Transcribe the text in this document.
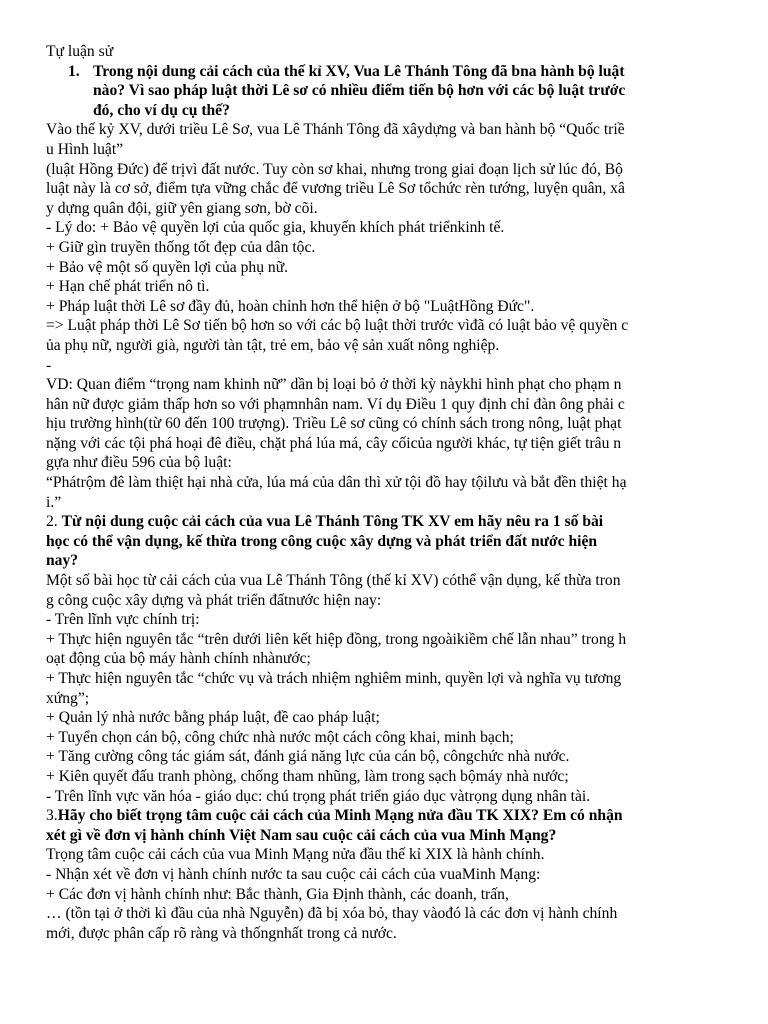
Tự luận sử
1. Trong nội dung cải cách của thế kỉ XV, Vua Lê Thánh Tông đã bna hành bộ luật
nào? Vì sao pháp luật thời Lê sơ có nhiều điểm tiến bộ hơn với các bộ luật trước
đó, cho ví dụ cụ thế?
Vào thế kỷ XV, dưới triều Lê Sơ, vua Lê Thánh Tông đã xâydựng và ban hành bộ “Quốc triề
u Hình luật”
(luật Hồng Đức) để trịvì đất nước. Tuy còn sơ khai, nhưng trong giai đoạn lịch sử lúc đó, Bộ
luật này là cơ sở, điểm tựa vững chắc để vương triều Lê Sơ tổchức rèn tướng, luyện quân, xâ
y dựng quân đội, giữ yên giang sơn, bờ cõi.
- Lý do: + Bảo vệ quyền lợi của quốc gia, khuyến khích phát triểnkinh tế.
+ Giữ gìn truyền thống tốt đẹp của dân tộc.
+ Bảo vệ một số quyền lợi của phụ nữ.
+ Hạn chế phát triển nô tì.
+ Pháp luật thời Lê sơ đầy đủ, hoàn chỉnh hơn thể hiện ở bộ "LuậtHồng Đức".
=> Luật pháp thời Lê Sơ tiến bộ hơn so với các bộ luật thời trước vìđã có luật bảo vệ quyền c
ủa phụ nữ, người già, người tàn tật, trẻ em, bảo vệ sản xuất nông nghiệp.
-
VD: Quan điểm “trọng nam khinh nữ” dần bị loại bỏ ở thời kỳ nàykhi hình phạt cho phạm n
hân nữ được giảm thấp hơn so với phạmnhân nam. Ví dụ Điều 1 quy định chỉ đàn ông phải c
hịu trường hình(từ 60 đến 100 trượng). Triều Lê sơ cũng có chính sách trong nông, luật phạt
nặng với các tội phá hoại đê điều, chặt phá lúa má, cây cốicủa người khác, tự tiện giết trâu n
gựa như điều 596 của bộ luật:
“Phátrộm đê làm thiệt hại nhà cửa, lúa má của dân thì xử tội đồ hay tộilưu và bắt đền thiệt hạ
i.”
2. Từ nội dung cuộc cải cách của vua Lê Thánh Tông TK XV em hãy nêu ra 1 số bài
học có thể vận dụng, kế thừa trong công cuộc xây dựng và phát triển đất nước hiện
nay?
Một số bài học từ cải cách của vua Lê Thánh Tông (thế kỉ XV) cóthể vận dụng, kế thừa tron
g công cuộc xây dựng và phát triển đấtnước hiện nay:
- Trên lĩnh vực chính trị:
+ Thực hiện nguyên tắc “trên dưới liên kết hiệp đồng, trong ngoàikiềm chế lẫn nhau” trong h
oạt động của bộ máy hành chính nhànước;
+ Thực hiện nguyên tắc “chức vụ và trách nhiệm nghiêm minh, quyền lợi và nghĩa vụ tương
xứng”;
+ Quản lý nhà nước bằng pháp luật, đề cao pháp luật;
+ Tuyển chọn cán bộ, công chức nhà nước một cách công khai, minh bạch;
+ Tăng cường công tác giám sát, đánh giá năng lực của cán bộ, côngchức nhà nước.
+ Kiên quyết đấu tranh phòng, chống tham nhũng, làm trong sạch bộmáy nhà nước;
- Trên lĩnh vực văn hóa - giáo dục: chú trọng phát triển giáo dục vàtrọng dụng nhân tài.
3.Hãy cho biết trọng tâm cuộc cải cách của Minh Mạng nửa đầu TK XIX? Em có nhận
xét gì về đơn vị hành chính Việt Nam sau cuộc cải cách của vua Minh Mạng?
Trọng tâm cuộc cải cách của vua Minh Mạng nửa đầu thế kỉ XIX là hành chính.
- Nhận xét về đơn vị hành chính nước ta sau cuộc cải cách của vuaMinh Mạng:
+ Các đơn vị hành chính như: Bắc thành, Gia Định thành, các doanh, trấn,
… (tồn tại ở thời kì đầu của nhà Nguyễn) đã bị xóa bỏ, thay vàođó là các đơn vị hành chính
mới, được phân cấp rõ ràng và thốngnhất trong cả nước.
